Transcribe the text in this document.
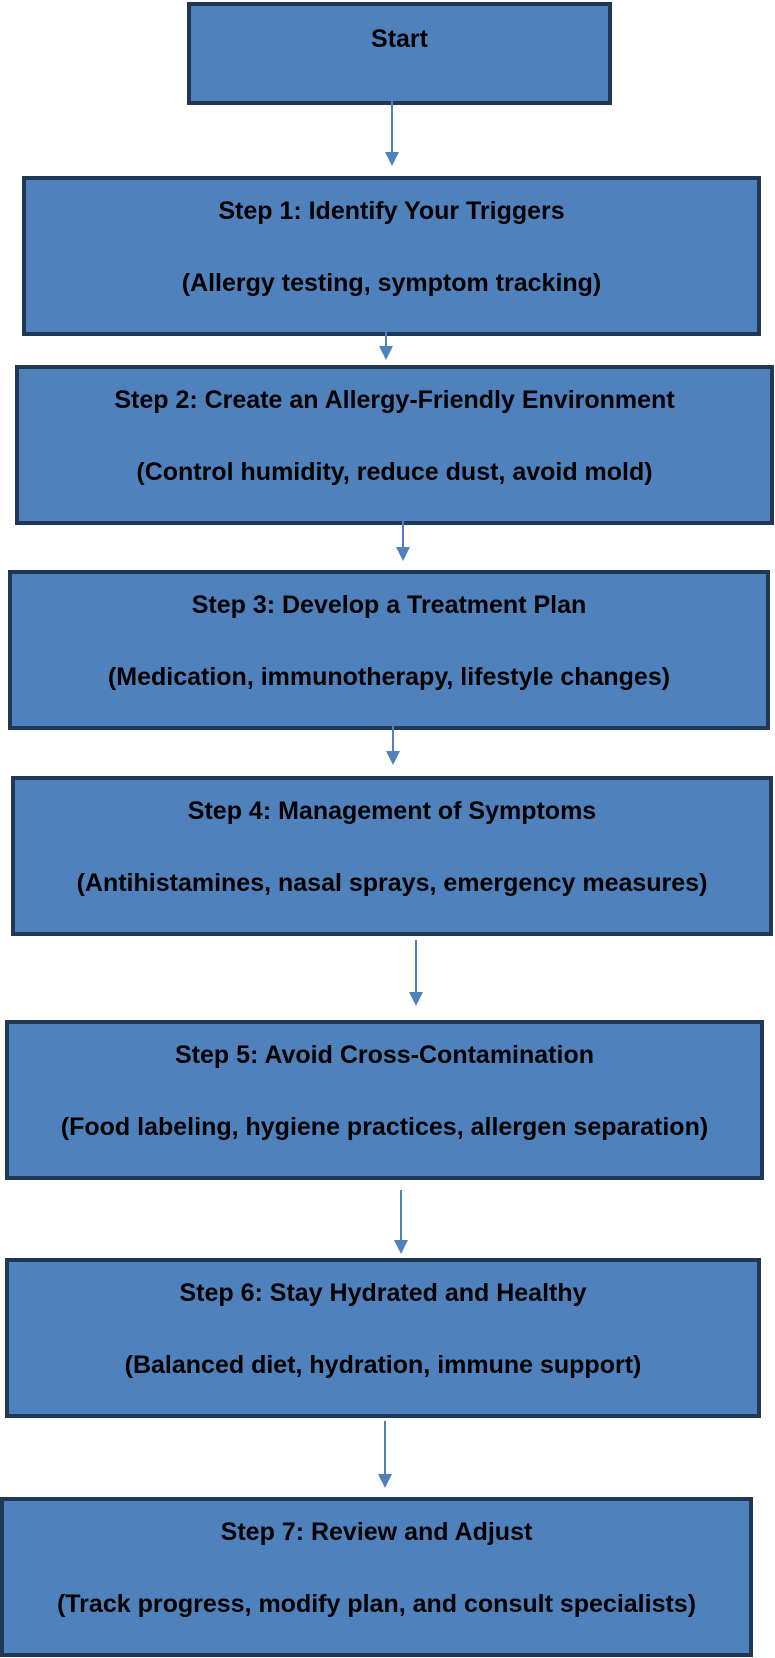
Start
Step 1: Identify Your Triggers
(Allergy testing, symptom tracking)
Step 2: Create an Allergy-Friendly Environment
(Control humidity, reduce dust, avoid mold)
Step 3: Develop a Treatment Plan
(Medication, immunotherapy, lifestyle changes)
Step 4: Management of Symptoms
(Antihistamines, nasal sprays, emergency measures)
Step 5: Avoid Cross-Contamination
(Food labeling, hygiene practices, allergen separation)
Step 6: Stay Hydrated and Healthy
(Balanced diet, hydration, immune support)
Step 7: Review and Adjust
(Track progress, modify plan, and consult specialists)
